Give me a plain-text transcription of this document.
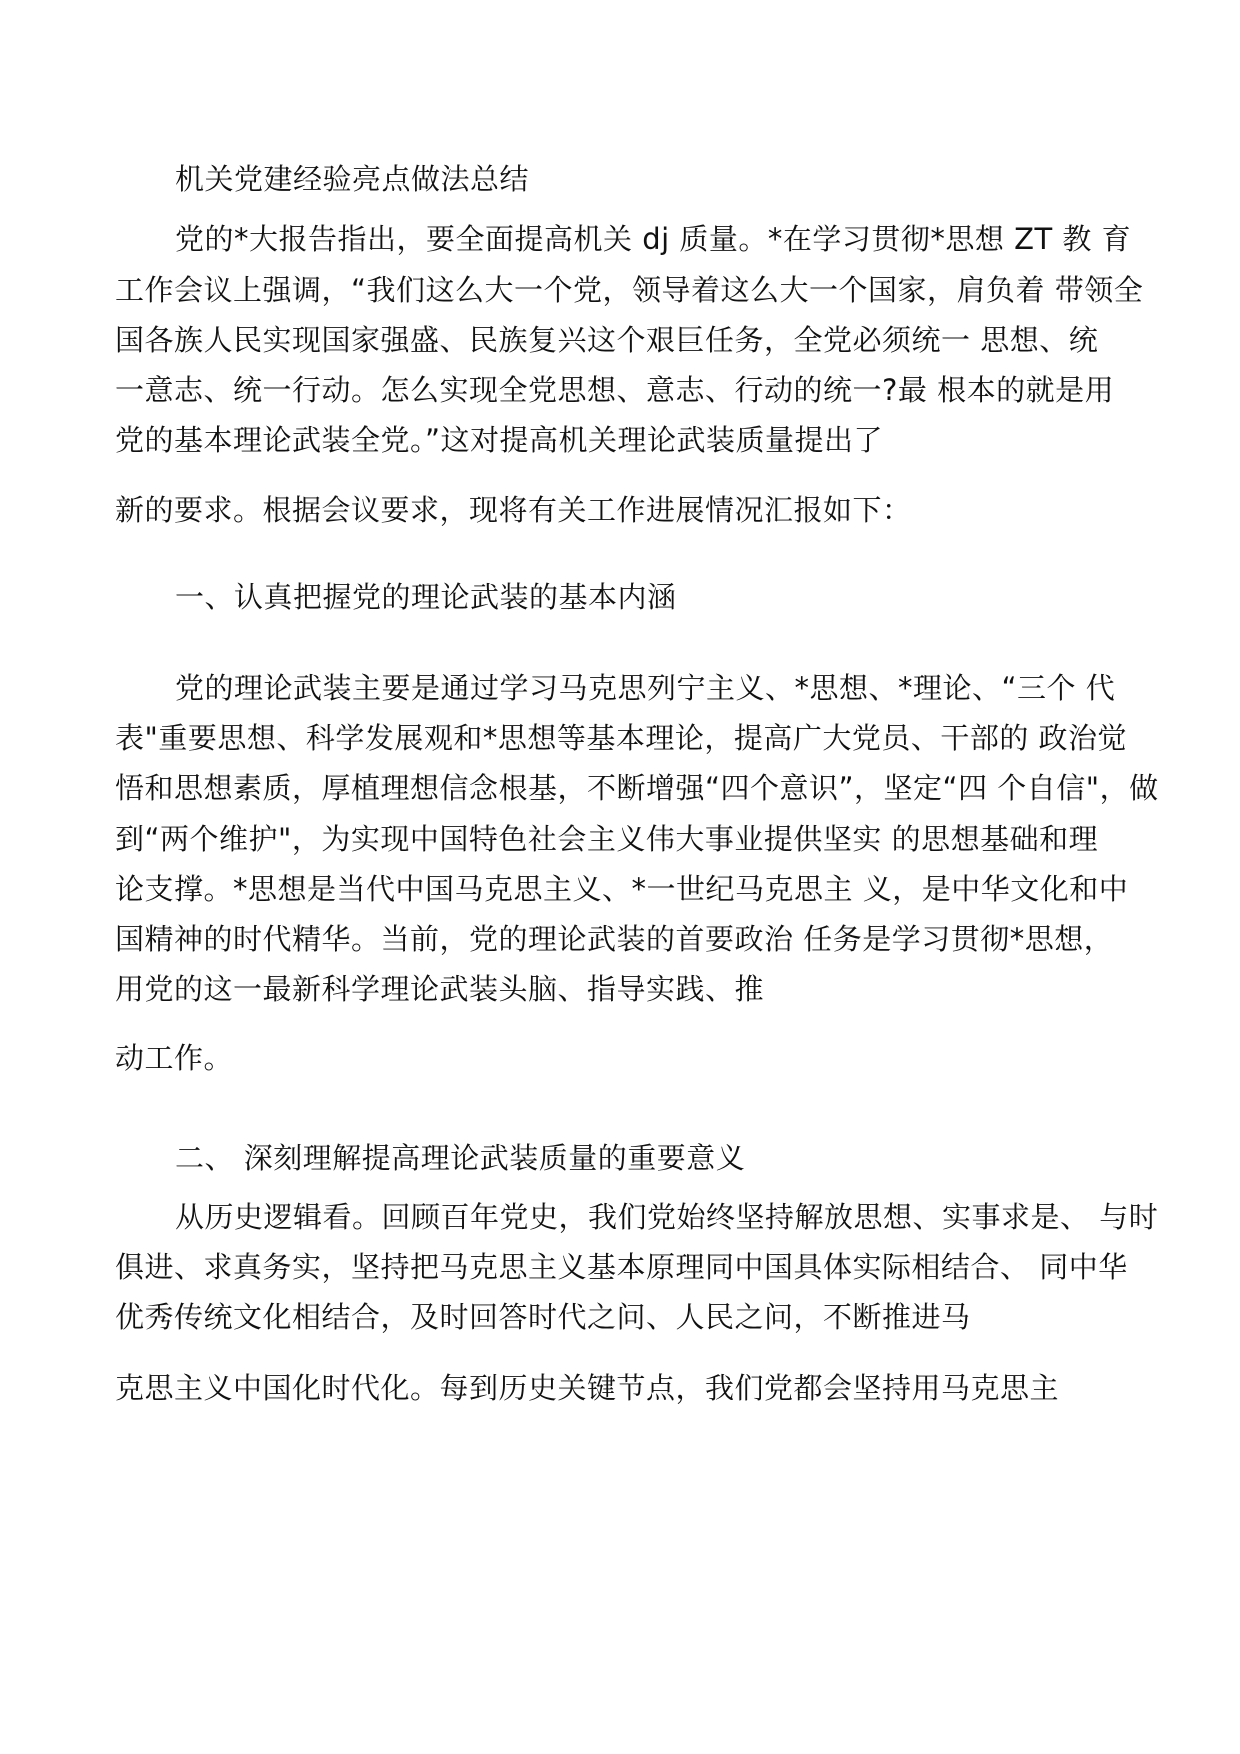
机关党建经验亮点做法总结
党的*大报告指出，要全面提高机关 dj 质量。*在学习贯彻*思想 ZT 教 育
工作会议上强调，“我们这么大一个党，领导着这么大一个国家，肩负着 带领全
国各族人民实现国家强盛、民族复兴这个艰巨任务，全党必须统一 思想、统
一意志、统一行动。怎么实现全党思想、意志、行动的统一?最 根本的就是用
党的基本理论武装全党。”这对提高机关理论武装质量提出了
新的要求。根据会议要求，现将有关工作进展情况汇报如下：
一、认真把握党的理论武装的基本内涵
党的理论武装主要是通过学习马克思列宁主义、*思想、*理论、“三个 代
表"重要思想、科学发展观和*思想等基本理论，提高广大党员、干部的 政治觉
悟和思想素质，厚植理想信念根基，不断增强“四个意识”，坚定“四 个自信"，做
到“两个维护"，为实现中国特色社会主义伟大事业提供坚实 的思想基础和理
论支撑。*思想是当代中国马克思主义、*一世纪马克思主 义，是中华文化和中
国精神的时代精华。当前，党的理论武装的首要政治 任务是学习贯彻*思想，
用党的这一最新科学理论武装头脑、指导实践、推
动工作。
二、 深刻理解提高理论武装质量的重要意义
从历史逻辑看。回顾百年党史，我们党始终坚持解放思想、实事求是、 与时
俱进、求真务实，坚持把马克思主义基本原理同中国具体实际相结合、 同中华
优秀传统文化相结合，及时回答时代之问、人民之问，不断推进马
克思主义中国化时代化。每到历史关键节点，我们党都会坚持用马克思主
